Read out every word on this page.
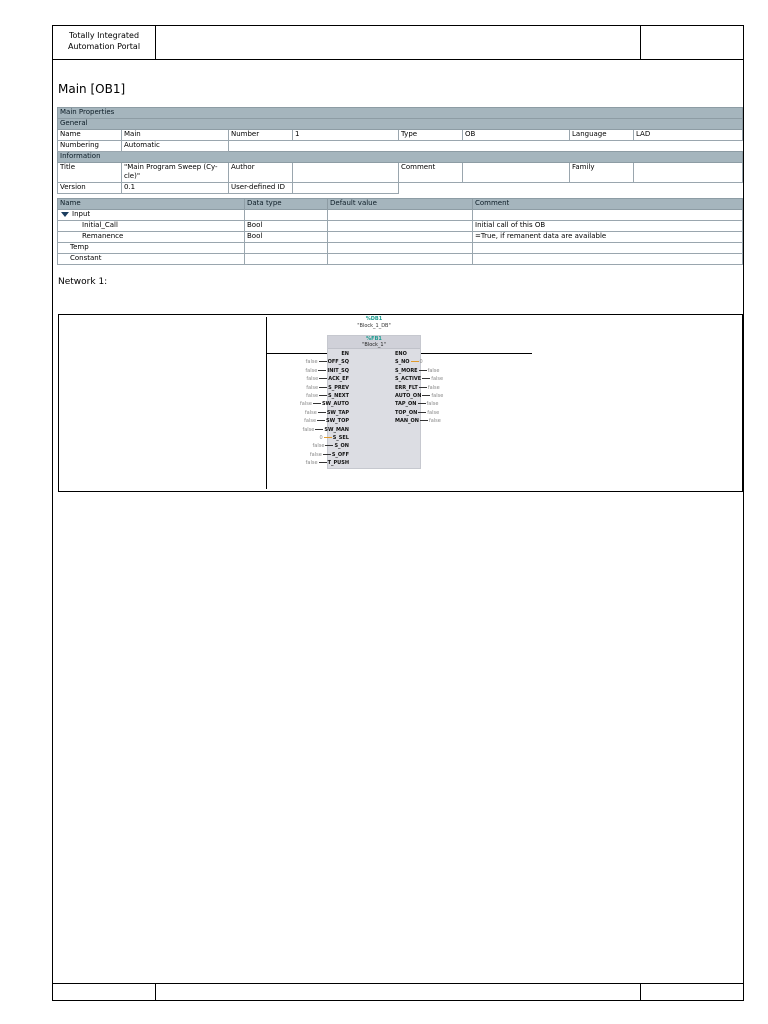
Totally Integrated
Automation Portal
Main [OB1]
Main Properties							
General							
Name	Main	Number	1	Type	OB	Language	LAD
Numbering	Automatic						
Information							
Title	"Main Program Sweep (Cy-
cle)"	Author		Comment		Family	
Version	0.1	User-defined ID					
Name	Data type	Default value	Comment
Input			
Initial_Call	Bool		Initial call of this OB
Remanence	Bool		=True, if remanent data are available
Temp			
Constant			
Network 1:
%DB1
"Block_1_DB"
%FB1
"Block_1"
EN
false OFF_SQ
false INIT_SQ
false ACK_EF
false S_PREV
false S_NEXT
false SW_AUTO
false SW_TAP
false SW_TOP
false SW_MAN
0 S_SEL
false S_ON
false S_OFF
false T_PUSH
ENO
S_NO 0
S_MORE false
S_ACTIVE false
ERR_FLT false
AUTO_ON false
TAP_ON false
TOP_ON false
MAN_ON false
